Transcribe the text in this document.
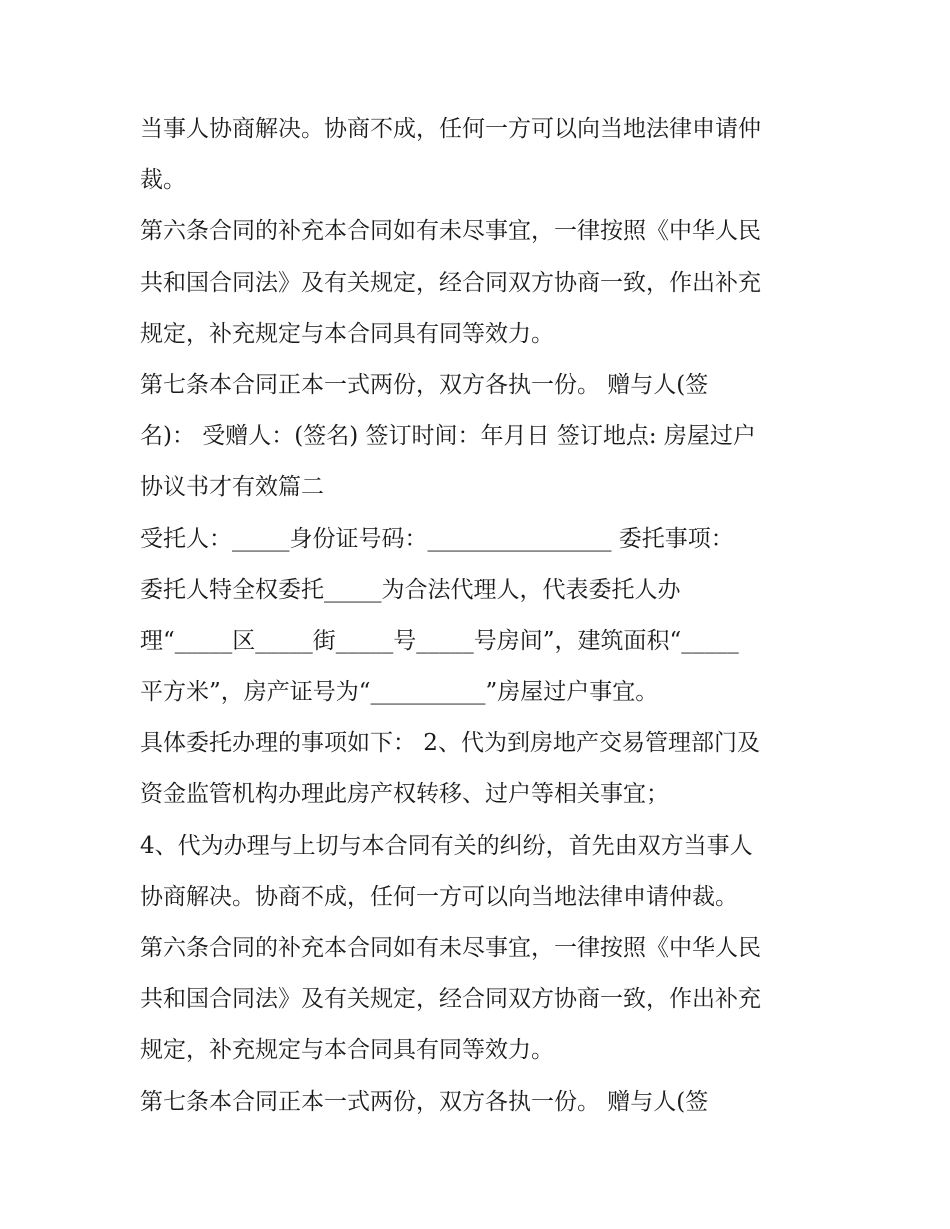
当事人协商解决。协商不成，任何一方可以向当地法律申请仲
裁。
第六条合同的补充本合同如有未尽事宜，一律按照《中华人民
共和国合同法》及有关规定，经合同双方协商一致，作出补充
规定，补充规定与本合同具有同等效力。
第七条本合同正本一式两份，双方各执一份。 赠与人(签
名)： 受赠人：(签名) 签订时间：年月日 签订地点: 房屋过户
协议书才有效篇二
受托人：_____身份证号码：________________ 委托事项：
委托人特全权委托_____为合法代理人，代表委托人办
理“_____区_____街_____号_____号房间”，建筑面积“_____
平方米”，房产证号为“__________”房屋过户事宜。
具体委托办理的事项如下： 2、代为到房地产交易管理部门及
资金监管机构办理此房产权转移、过户等相关事宜；
4、代为办理与上切与本合同有关的纠纷，首先由双方当事人
协商解决。协商不成，任何一方可以向当地法律申请仲裁。
第六条合同的补充本合同如有未尽事宜，一律按照《中华人民
共和国合同法》及有关规定，经合同双方协商一致，作出补充
规定，补充规定与本合同具有同等效力。
第七条本合同正本一式两份，双方各执一份。 赠与人(签
